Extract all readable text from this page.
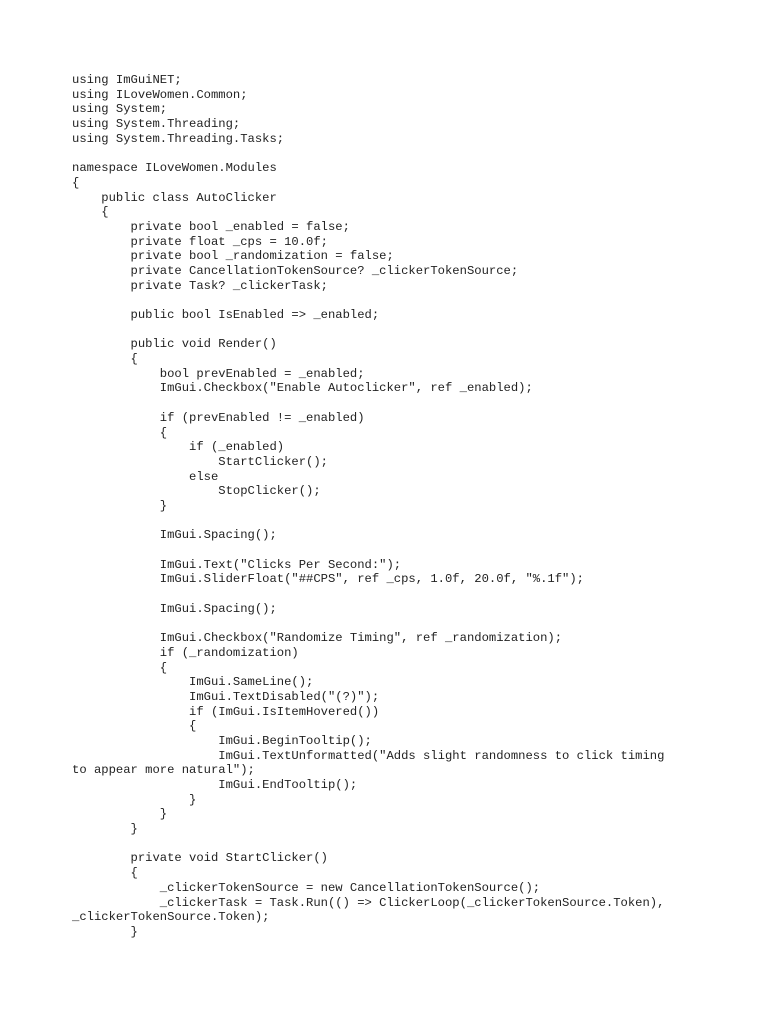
using ImGuiNET;
using ILoveWomen.Common;
using System;
using System.Threading;
using System.Threading.Tasks;
namespace ILoveWomen.Modules
{
public class AutoClicker
{
private bool _enabled = false;
private float _cps = 10.0f;
private bool _randomization = false;
private CancellationTokenSource? _clickerTokenSource;
private Task? _clickerTask;
public bool IsEnabled => _enabled;
public void Render()
{
bool prevEnabled = _enabled;
ImGui.Checkbox("Enable Autoclicker", ref _enabled);
if (prevEnabled != _enabled)
{
if (_enabled)
StartClicker();
else
StopClicker();
}
ImGui.Spacing();
ImGui.Text("Clicks Per Second:");
ImGui.SliderFloat("##CPS", ref _cps, 1.0f, 20.0f, "%.1f");
ImGui.Spacing();
ImGui.Checkbox("Randomize Timing", ref _randomization);
if (_randomization)
{
ImGui.SameLine();
ImGui.TextDisabled("(?)");
if (ImGui.IsItemHovered())
{
ImGui.BeginTooltip();
ImGui.TextUnformatted("Adds slight randomness to click timing
to appear more natural");
ImGui.EndTooltip();
}
}
}
private void StartClicker()
{
_clickerTokenSource = new CancellationTokenSource();
_clickerTask = Task.Run(() => ClickerLoop(_clickerTokenSource.Token),
_clickerTokenSource.Token);
}
